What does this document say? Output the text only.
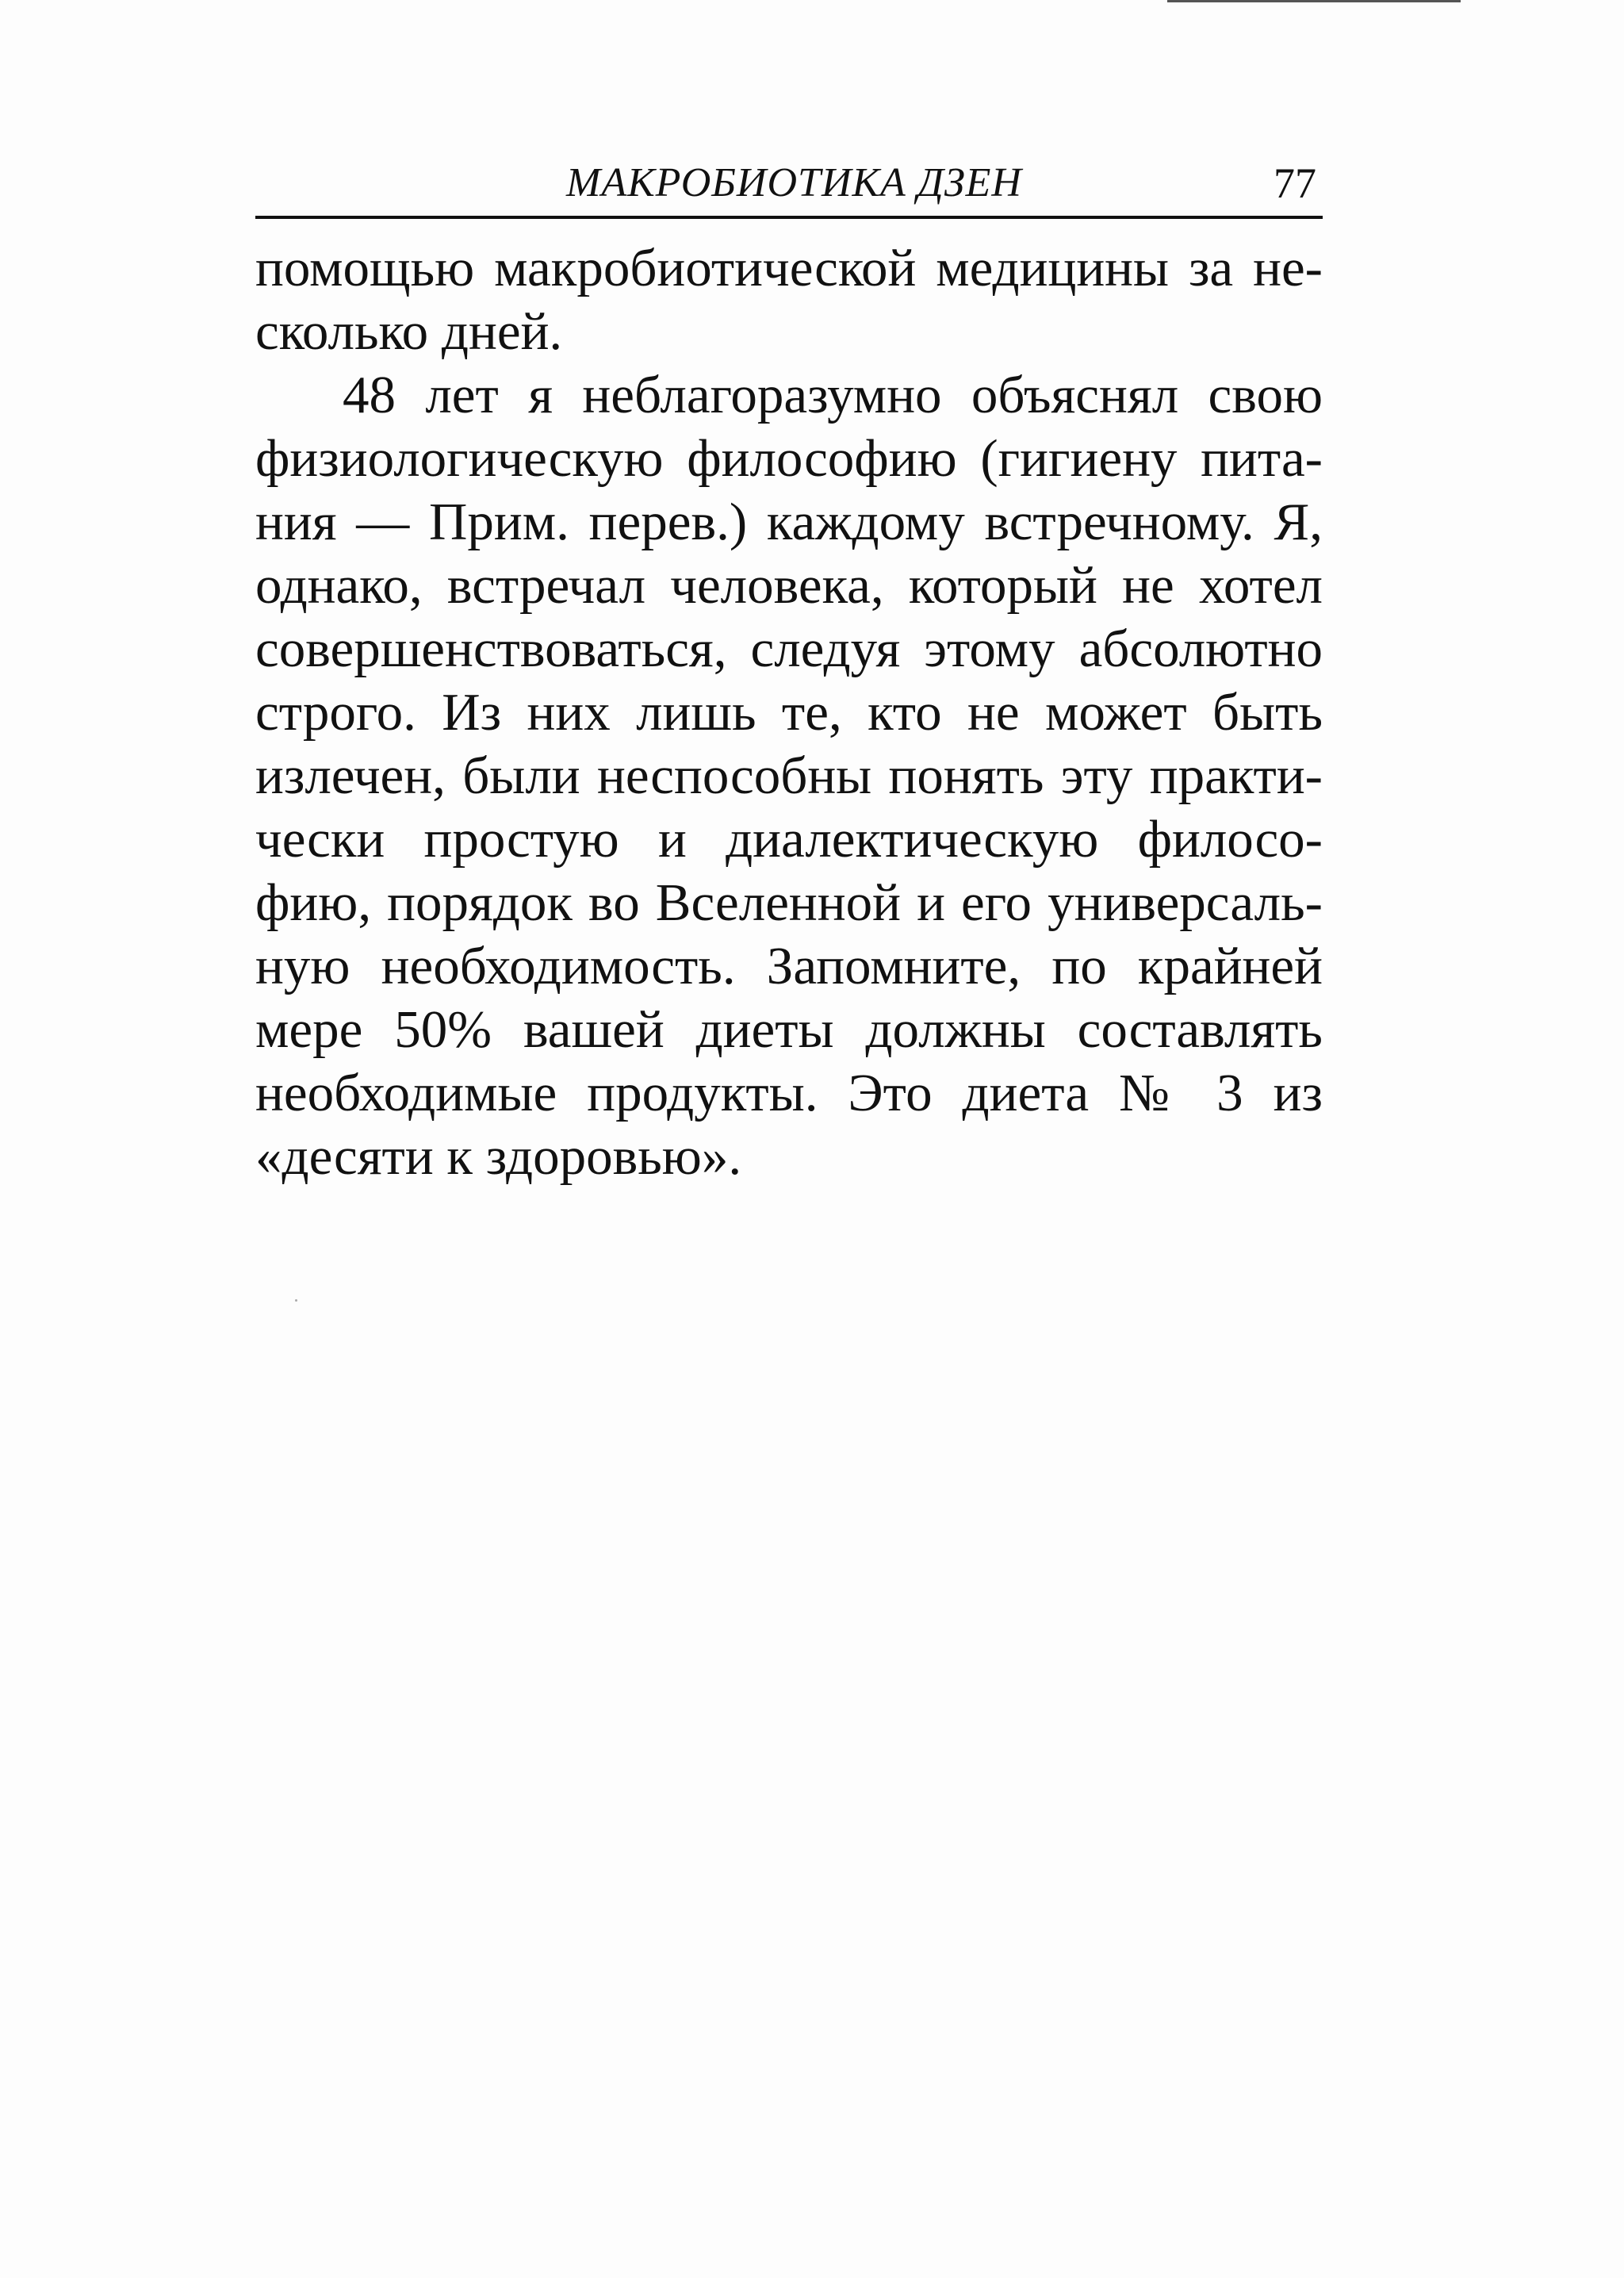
МАКРОБИОТИКА ДЗЕН	77
помощью макробиотической медицины за не-
сколько дней.
48 лет я неблагоразумно объяснял свою
физиологическую философию (гигиену пита-
ния — Прим. перев.) каждому встречному. Я,
однако, встречал человека, который не хотел
совершенствоваться, следуя этому абсолютно
строго. Из них лишь те, кто не может быть
излечен, были неспособны понять эту практи-
чески простую и диалектическую филосо-
фию, порядок во Вселенной и его универсаль-
ную необходимость. Запомните, по крайней
мере 50% вашей диеты должны составлять
необходимые продукты. Это диета № 3 из
«десяти к здоровью».
